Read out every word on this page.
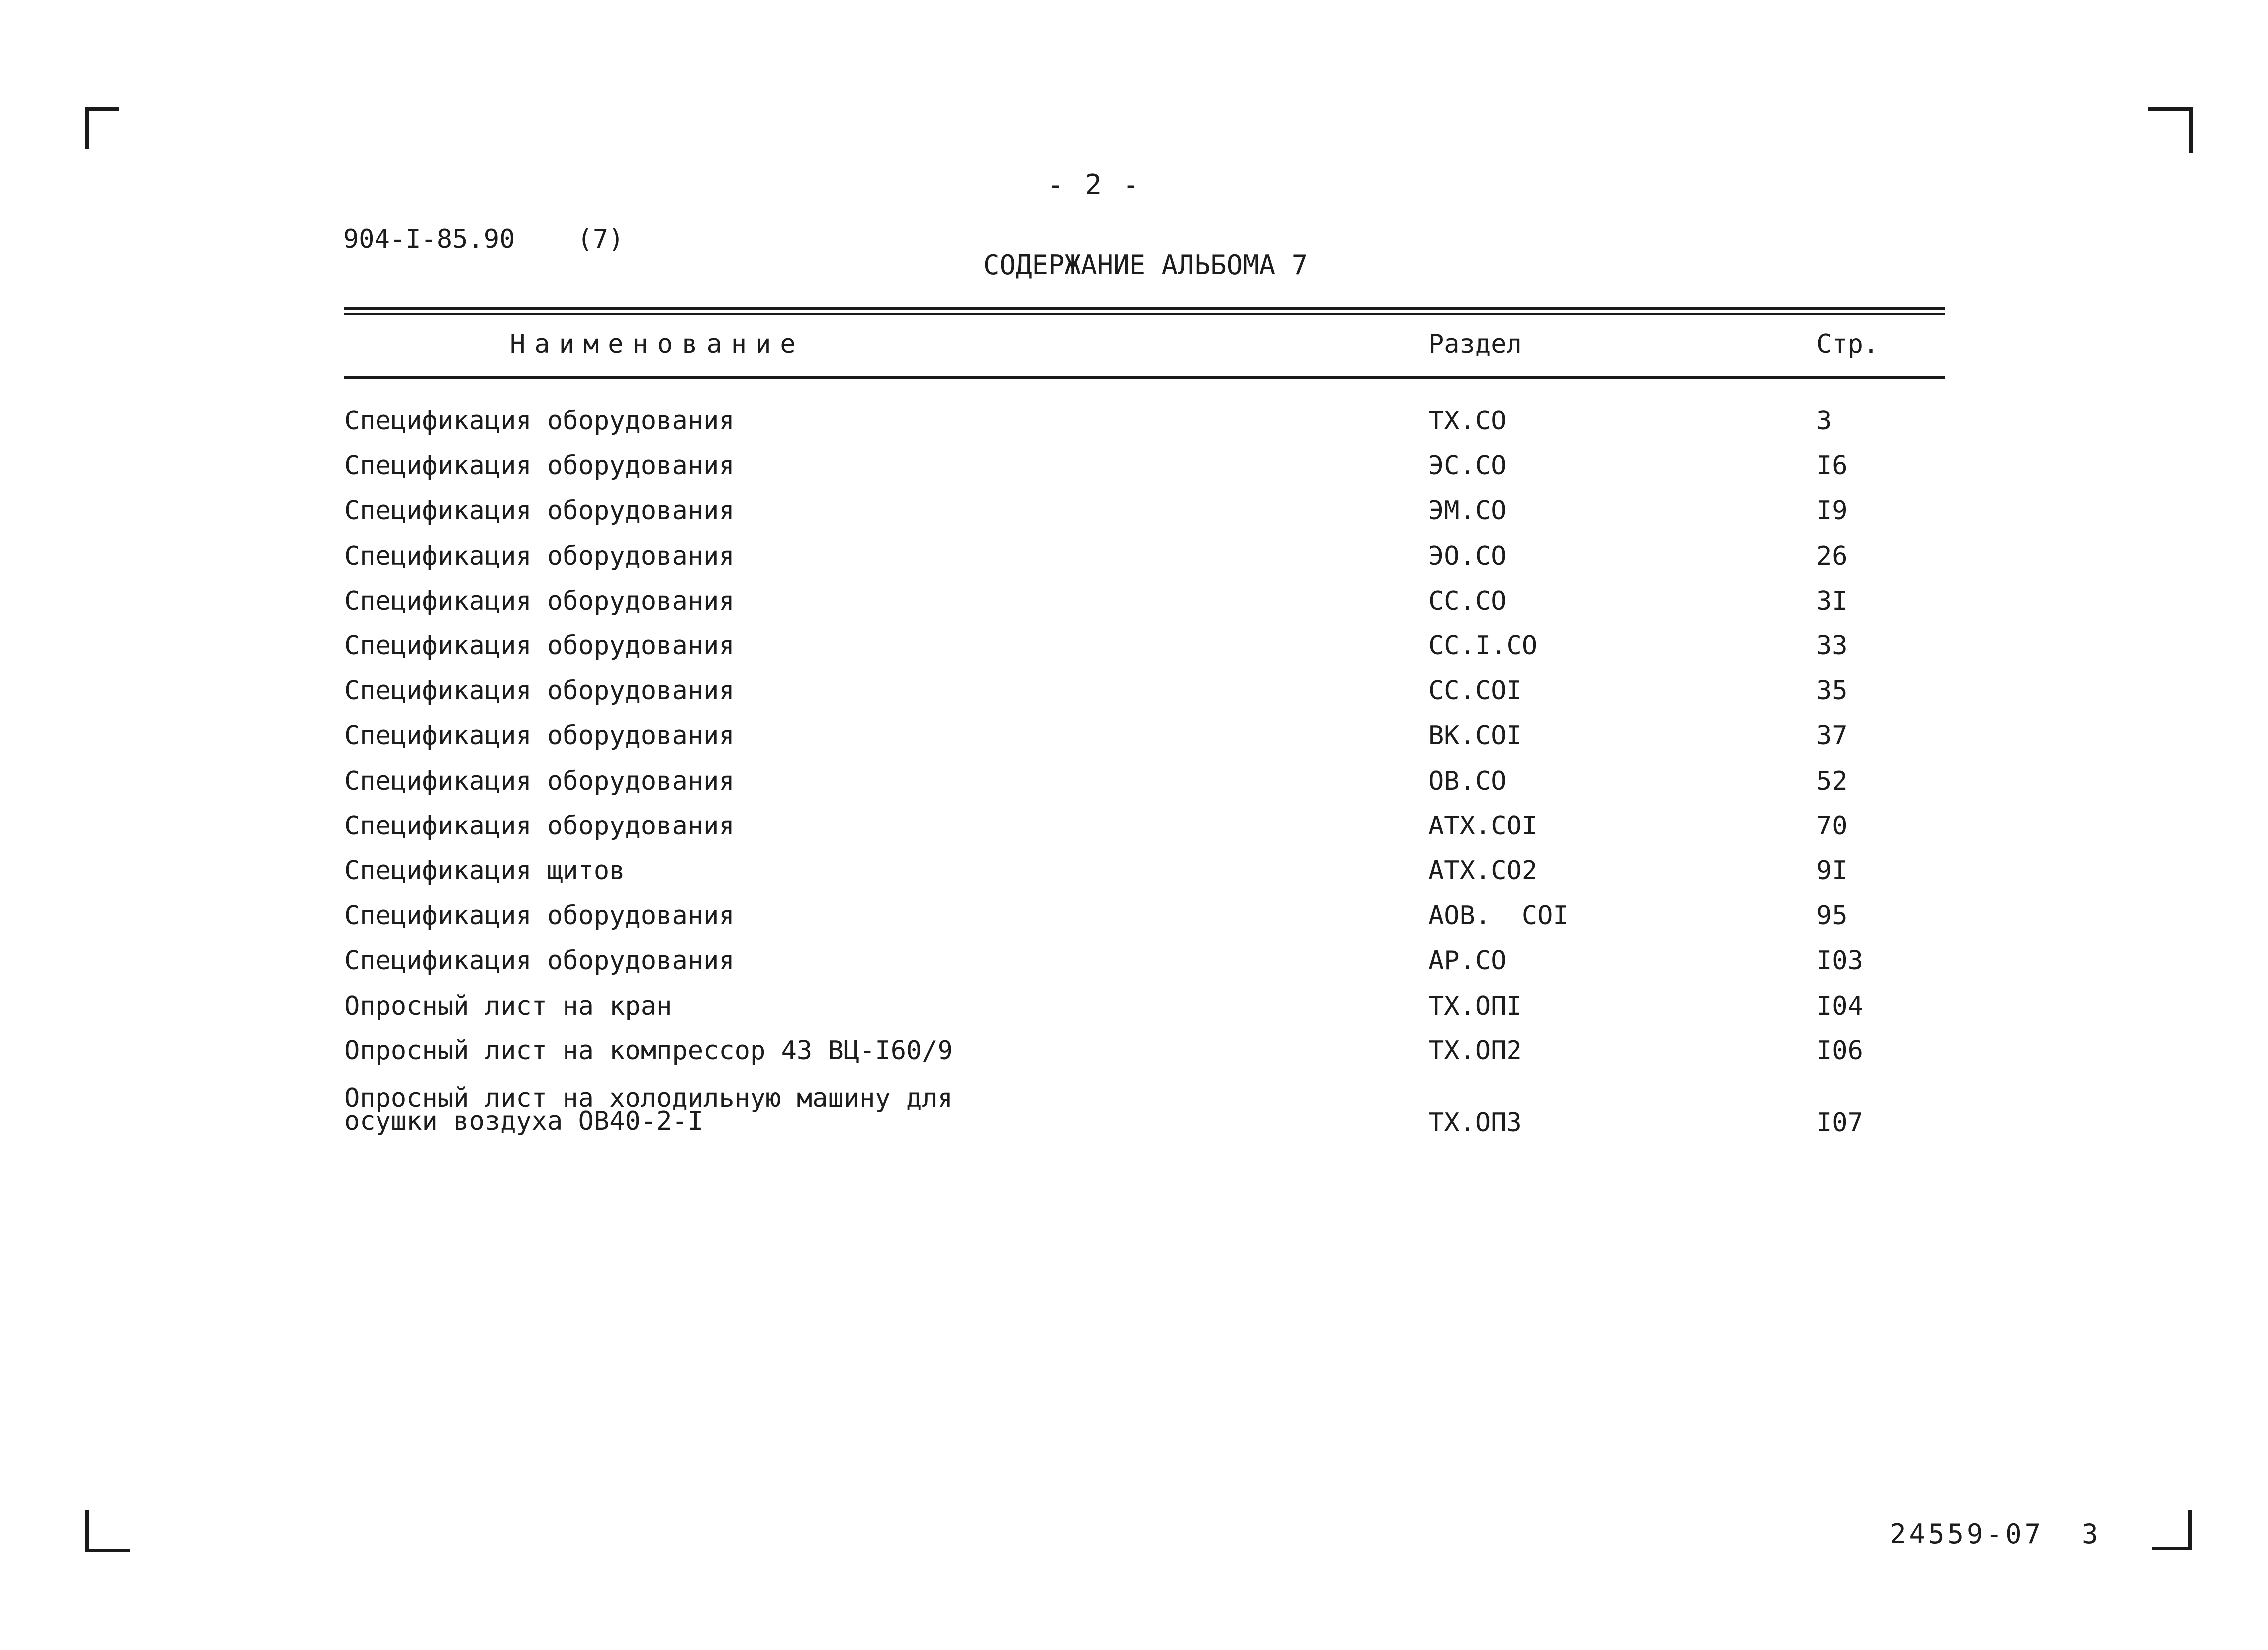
- 2 -
904-I-85.90    (7)
СОДЕРЖАНИЕ АЛЬБОМА 7
Наименование	Раздел	Стр.
Спецификация оборудования	ТХ.СО	3
Спецификация оборудования	ЭС.СО	I6
Спецификация оборудования	ЭМ.СО	I9
Спецификация оборудования	ЭО.СО	26
Спецификация оборудования	СС.СО	3I
Спецификация оборудования	СС.I.СО	33
Спецификация оборудования	СС.СОI	35
Спецификация оборудования	ВК.СОI	37
Спецификация оборудования	ОВ.СО	52
Спецификация оборудования	АТХ.СОI	70
Спецификация щитов	АТХ.СО2	9I
Спецификация оборудования	АОВ.  СОI	95
Спецификация оборудования	АР.СО	I03
Опросный лист на кран	ТХ.ОПI	I04
Опросный лист на компрессор 43 ВЦ-I60/9	ТХ.ОП2	I06
Опросный лист на холодильную машину для
осушки воздуха ОВ40-2-I	ТХ.ОП3	I07
24559-07  3
